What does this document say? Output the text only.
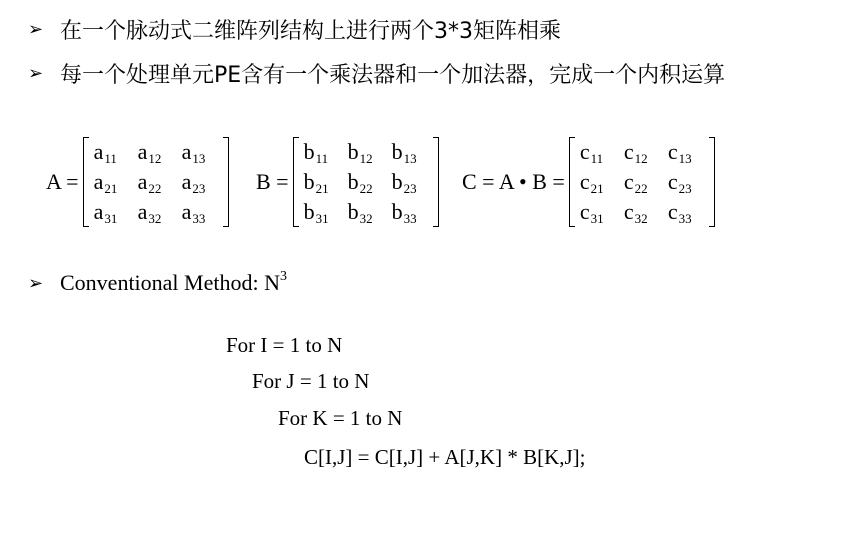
➢ 在一个脉动式二维阵列结构上进行两个3*3矩阵相乘
➢ 每一个处理单元PE含有一个乘法器和一个加法器，完成一个内积运算
A =
a 11 a 12 a 13
a 21 a 22 a 23
a 31 a 32 a 33
B =
b 11 b 12 b 13
b 21 b 22 b 23
b 31 b 32 b 33
C = A • B =
c 11 c 12 c 13
c 21 c 22 c 23
c 31 c 32 c 33
➢ Conventional Method: $N^3$
For I = 1 to N
For J = 1 to N
For K = 1 to N
C[I,J] = C[I,J] + A[J,K] * B[K,J];
